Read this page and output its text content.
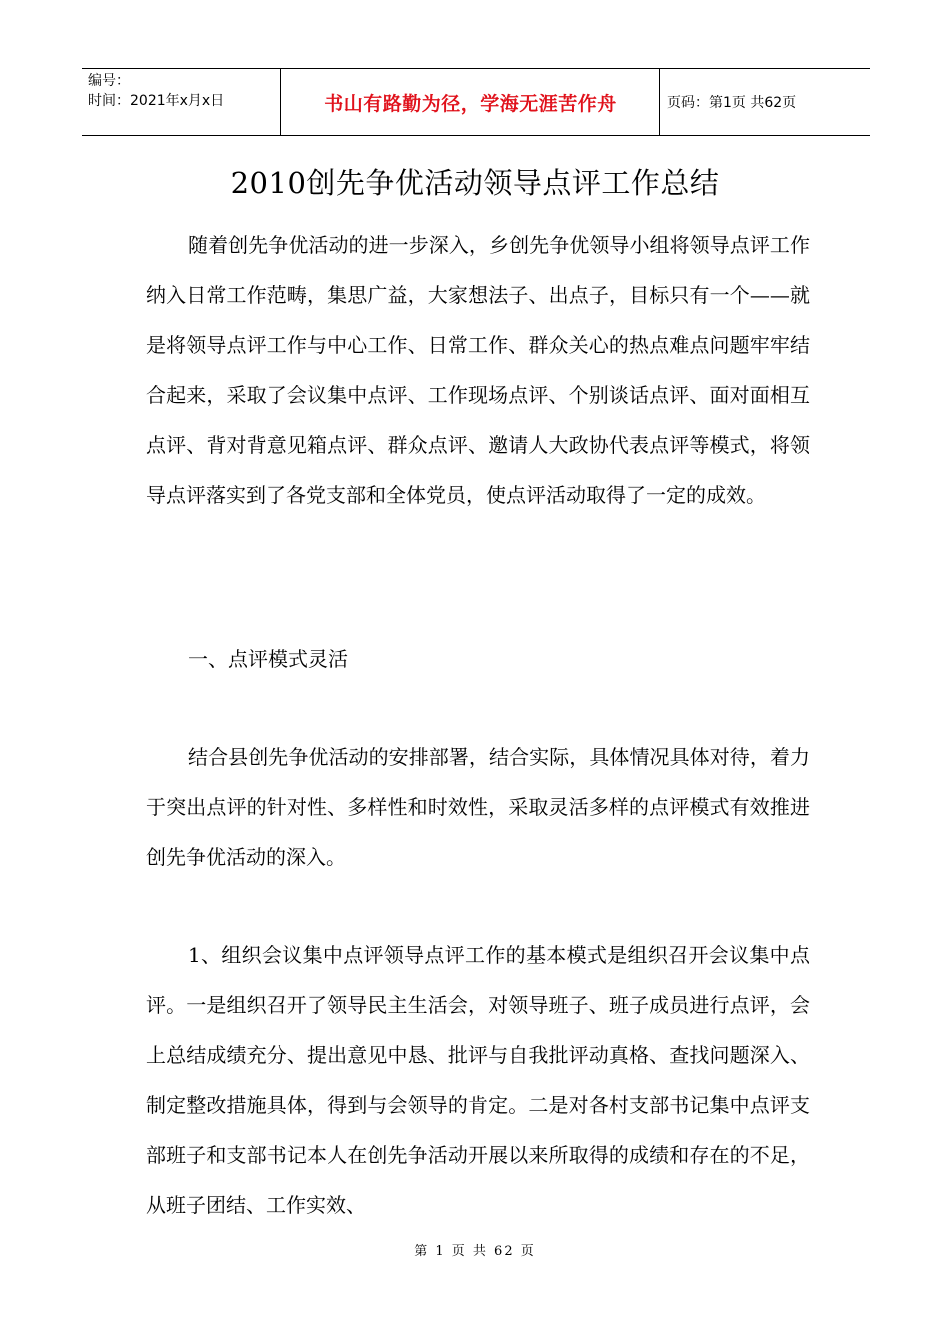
编号：
时间：2021年x月x日	书山有路勤为径，学海无涯苦作舟	页码：第1页 共62页
2010创先争优活动领导点评工作总结
随着创先争优活动的进一步深入，乡创先争优领导小组将领导点评工作纳入日常工作范畴，集思广益，大家想法子、出点子，目标只有一个——就是将领导点评工作与中心工作、日常工作、群众关心的热点难点问题牢牢结合起来，采取了会议集中点评、工作现场点评、个别谈话点评、面对面相互点评、背对背意见箱点评、群众点评、邀请人大政协代表点评等模式，将领导点评落实到了各党支部和全体党员，使点评活动取得了一定的成效。
一、点评模式灵活
结合县创先争优活动的安排部署，结合实际，具体情况具体对待，着力于突出点评的针对性、多样性和时效性，采取灵活多样的点评模式有效推进创先争优活动的深入。
1、组织会议集中点评领导点评工作的基本模式是组织召开会议集中点评。一是组织召开了领导民主生活会，对领导班子、班子成员进行点评，会上总结成绩充分、提出意见中恳、批评与自我批评动真格、查找问题深入、制定整改措施具体，得到与会领导的肯定。二是对各村支部书记集中点评支部班子和支部书记本人在创先争活动开展以来所取得的成绩和存在的不足，从班子团结、工作实效、
第 1 页 共 62 页
